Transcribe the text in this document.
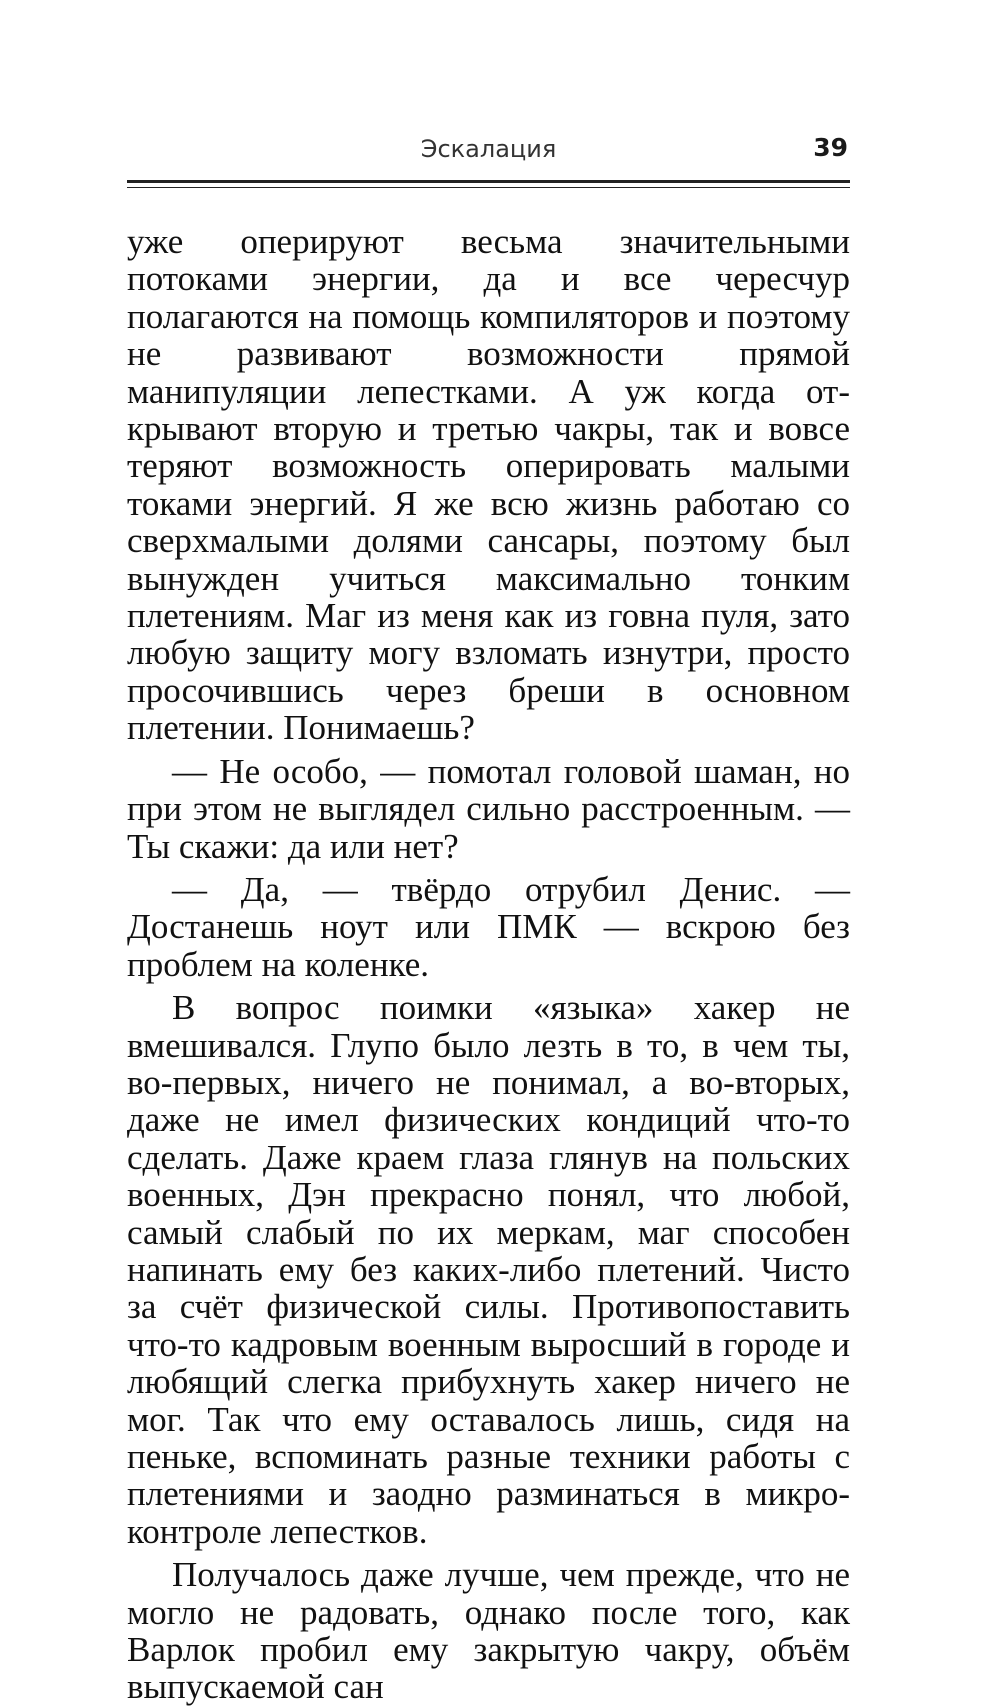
Эскалация	39

уже оперируют весьма значительными потоками энергии, да и все чересчур полагаются на помощь компиляторов и поэтому не развивают возможности прямой манипуляции лепестками. А уж когда открывают вторую и третью чакры, так и вовсе теряют возможность оперировать малыми токами энергий. Я же всю жизнь работаю со сверхмалыми долями сансары, поэтому был вынужден учиться максимально тонким плетениям. Маг из меня как из говна пуля, зато любую защиту могу взломать изнутри, просто просочившись через бреши в основном плетении. Понимаешь?

— Не особо, — помотал головой шаман, но при этом не выглядел сильно расстроенным. — Ты скажи: да или нет?

— Да, — твёрдо отрубил Денис. — Достанешь ноут или ПМК — вскрою без проблем на коленке.

В вопрос поимки «языка» хакер не вмешивался. Глупо было лезть в то, в чем ты, во-первых, ничего не понимал, а во-вторых, даже не имел физических кондиций что-то сделать. Даже краем глаза глянув на польских военных, Дэн прекрасно понял, что любой, самый слабый по их меркам, маг способен напинать ему без каких-либо плетений. Чисто за счёт физической силы. Противопоставить что-то кадровым военным выросший в городе и любящий слегка прибухнуть хакер ничего не мог. Так что ему оставалось лишь, сидя на пеньке, вспоминать разные техники работы с плетениями и заодно разминаться в микроконтроле лепестков.

Получалось даже лучше, чем прежде, что не могло не радовать, однако после того, как Варлок пробил ему закрытую чакру, объём выпускаемой сан
